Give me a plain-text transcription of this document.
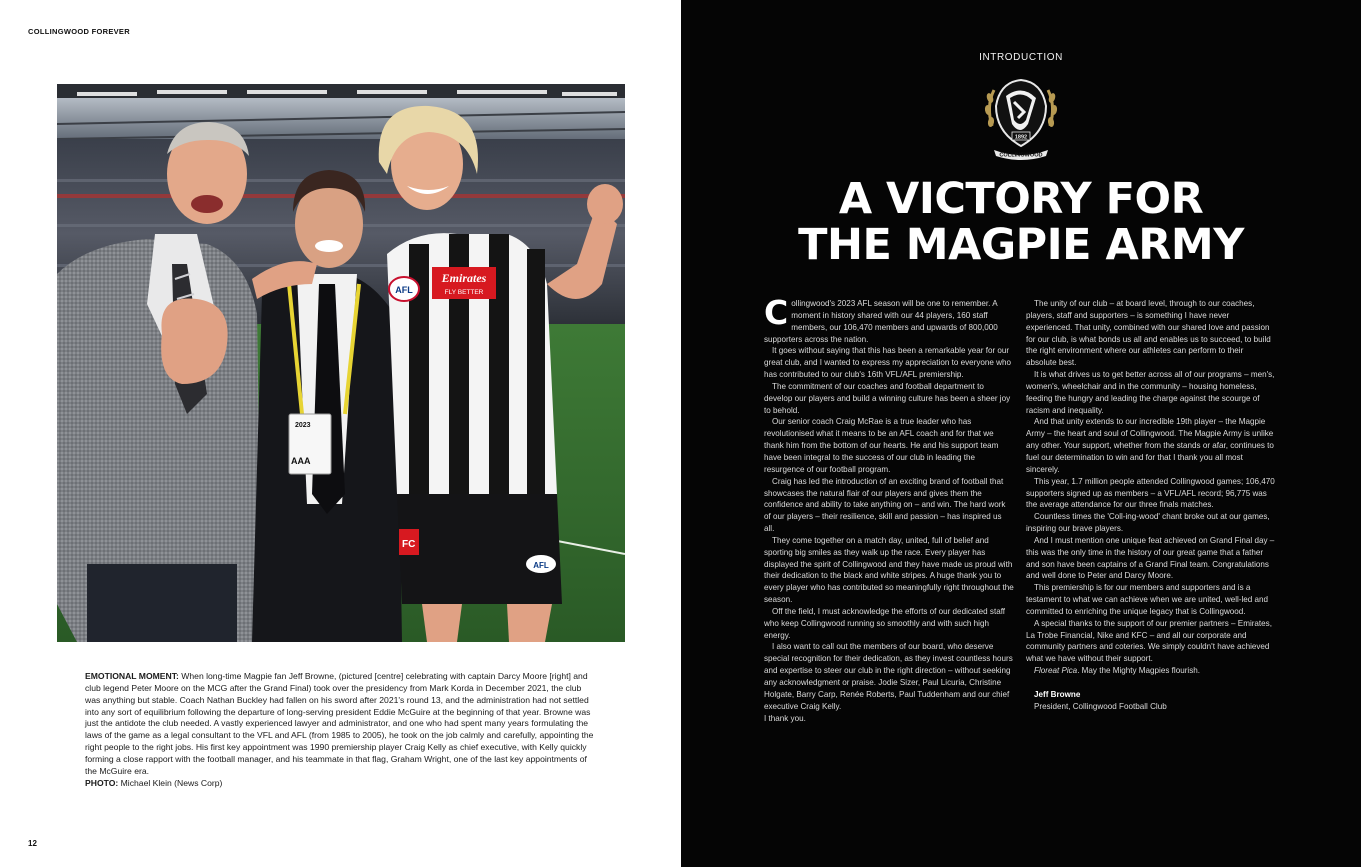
COLLINGWOOD FOREVER
2023
AAA
Emirates
FLY BETTER
AFL
FC
AFL
EMOTIONAL MOMENT: When long-time Magpie fan Jeff Browne, (pictured [centre] celebrating with captain Darcy Moore [right] and club legend Peter Moore on the MCG after the Grand Final) took over the presidency from Mark Korda in December 2021, the club was anything but stable. Coach Nathan Buckley had fallen on his sword after 2021's round 13, and the administration had not settled into any sort of equilibrium following the departure of long-serving president Eddie McGuire at the beginning of that year. Browne was just the antidote the club needed. A vastly experienced lawyer and administrator, and one who had spent many years formulating the laws of the game as a legal consultant to the VFL and AFL (from 1985 to 2005), he took on the job calmly and carefully, appointing the right people to the right jobs. His first key appointment was 1990 premiership player Craig Kelly as chief executive, with Kelly quickly forming a close rapport with the football manager, and his teammate in that flag, Graham Wright, one of the last key appointments of the McGuire era.
PHOTO: Michael Klein (News Corp)
12
INTRODUCTION
1892
COLLINGWOOD
A VICTORY FOR
THE MAGPIE ARMY

Collingwood's 2023 AFL season will be one to remember. A moment in history shared with our 44 players, 160 staff members, our 106,470 members and upwards of 800,000 supporters across the nation.

It goes without saying that this has been a remarkable year for our great club, and I wanted to express my appreciation to everyone who has contributed to our club's 16th VFL/AFL premiership.

The commitment of our coaches and football department to develop our players and build a winning culture has been a sheer joy to behold.

Our senior coach Craig McRae is a true leader who has revolutionised what it means to be an AFL coach and for that we thank him from the bottom of our hearts. He and his support team have been integral to the success of our club in leading the resurgence of our football program.

Craig has led the introduction of an exciting brand of football that showcases the natural flair of our players and gives them the confidence and ability to take anything on – and win. The hard work of our players – their resilience, skill and passion – has inspired us all.

They come together on a match day, united, full of belief and sporting big smiles as they walk up the race. Every player has displayed the spirit of Collingwood and they have made us proud with their dedication to the black and white stripes. A huge thank you to every player who has contributed so meaningfully right throughout the season.

Off the field, I must acknowledge the efforts of our dedicated staff who keep Collingwood running so smoothly and with such high energy.

I also want to call out the members of our board, who deserve special recognition for their dedication, as they invest countless hours and expertise to steer our club in the right direction – without seeking any acknowledgment or praise. Jodie Sizer, Paul Licuria, Christine Holgate, Barry Carp, Renée Roberts, Paul Tuddenham and our chief executive Craig Kelly.

I thank you.

The unity of our club – at board level, through to our coaches, players, staff and supporters – is something I have never experienced. That unity, combined with our shared love and passion for our club, is what bonds us all and enables us to succeed, to build the right environment where our athletes can perform to their absolute best.

It is what drives us to get better across all of our programs – men's, women's, wheelchair and in the community – housing homeless, feeding the hungry and leading the charge against the scourge of racism and inequality.

And that unity extends to our incredible 19th player – the Magpie Army – the heart and soul of Collingwood. The Magpie Army is unlike any other. Your support, whether from the stands or afar, continues to fuel our determination to win and for that I thank you all most sincerely.

This year, 1.7 million people attended Collingwood games; 106,470 supporters signed up as members – a VFL/AFL record; 96,775 was the average attendance for our three finals matches.

Countless times the 'Coll-ing-wood' chant broke out at our games, inspiring our brave players.

And I must mention one unique feat achieved on Grand Final day – this was the only time in the history of our great game that a father and son have been captains of a Grand Final team. Congratulations and well done to Peter and Darcy Moore.

This premiership is for our members and supporters and is a testament to what we can achieve when we are united, well-led and committed to enriching the unique legacy that is Collingwood.

A special thanks to the support of our premier partners – Emirates, La Trobe Financial, Nike and KFC – and all our corporate and community partners and coteries. We simply couldn't have achieved what we have without their support.

Floreat Pica. May the Mighty Magpies flourish.

Jeff Browne

President, Collingwood Football Club
